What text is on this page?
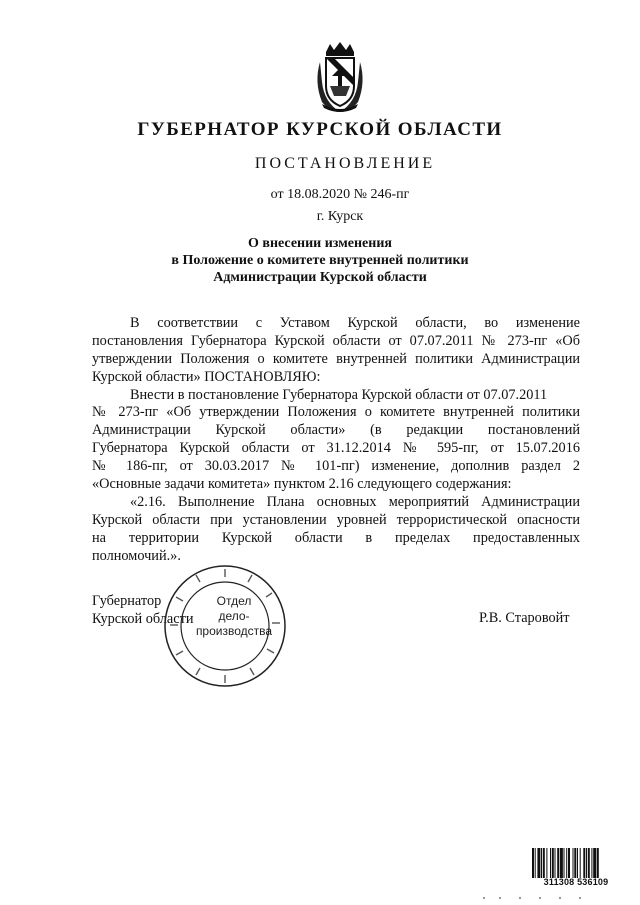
ГУБЕРНАТОР КУРСКОЙ ОБЛАСТИ
ПОСТАНОВЛЕНИЕ
от 18.08.2020 № 246-пг
г. Курск
О внесении изменения
в Положение о комитете внутренней политики
Администрации Курской области
В соответствии с Уставом Курской области, во изменение
постановления Губернатора Курской области от 07.07.2011 № 273-пг «Об
утверждении Положения о комитете внутренней политики Администрации
Курской области» ПОСТАНОВЛЯЮ:
Внести в постановление Губернатора Курской области от 07.07.2011
№ 273-пг «Об утверждении Положения о комитете внутренней политики
Администрации Курской области» (в редакции постановлений
Губернатора Курской области от 31.12.2014 № 595-пг, от 15.07.2016
№ 186-пг, от 30.03.2017 № 101-пг) изменение, дополнив раздел 2
«Основные задачи комитета» пунктом 2.16 следующего содержания:
«2.16. Выполнение Плана основных мероприятий Администрации
Курской области при установлении уровней террористической опасности
на территории Курской области в пределах предоставленных
полномочий.».
Губернатор
Курской области	Р.В. Старовойт
Отдел
дело-
производства
311308 536109
